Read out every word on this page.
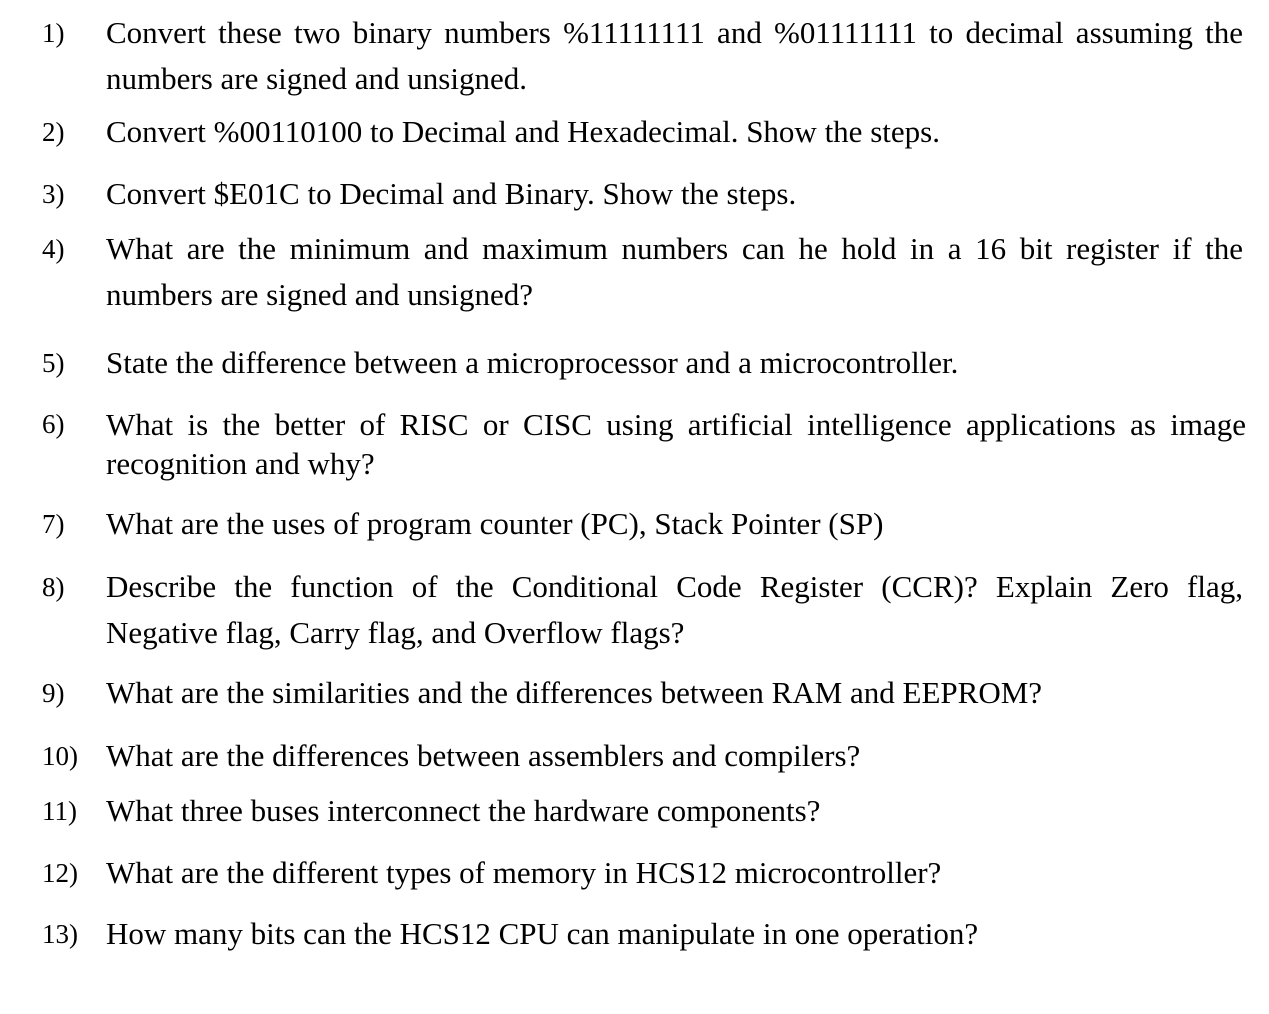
1) Convert these two binary numbers %11111111 and %01111111 to decimal assuming the numbers are signed and unsigned.
2) Convert %00110100 to Decimal and Hexadecimal. Show the steps.
3) Convert $E01C to Decimal and Binary. Show the steps.
4) What are the minimum and maximum numbers can he hold in a 16 bit register if the numbers are signed and unsigned?
5) State the difference between a microprocessor and a microcontroller.
6) What is the better of RISC or CISC using artificial intelligence applications as image recognition and why?
7) What are the uses of program counter (PC), Stack Pointer (SP)
8) Describe the function of the Conditional Code Register (CCR)? Explain Zero flag, Negative flag, Carry flag, and Overflow flags?
9) What are the similarities and the differences between RAM and EEPROM?
10) What are the differences between assemblers and compilers?
11) What three buses interconnect the hardware components?
12) What are the different types of memory in HCS12 microcontroller?
13) How many bits can the HCS12 CPU can manipulate in one operation?
